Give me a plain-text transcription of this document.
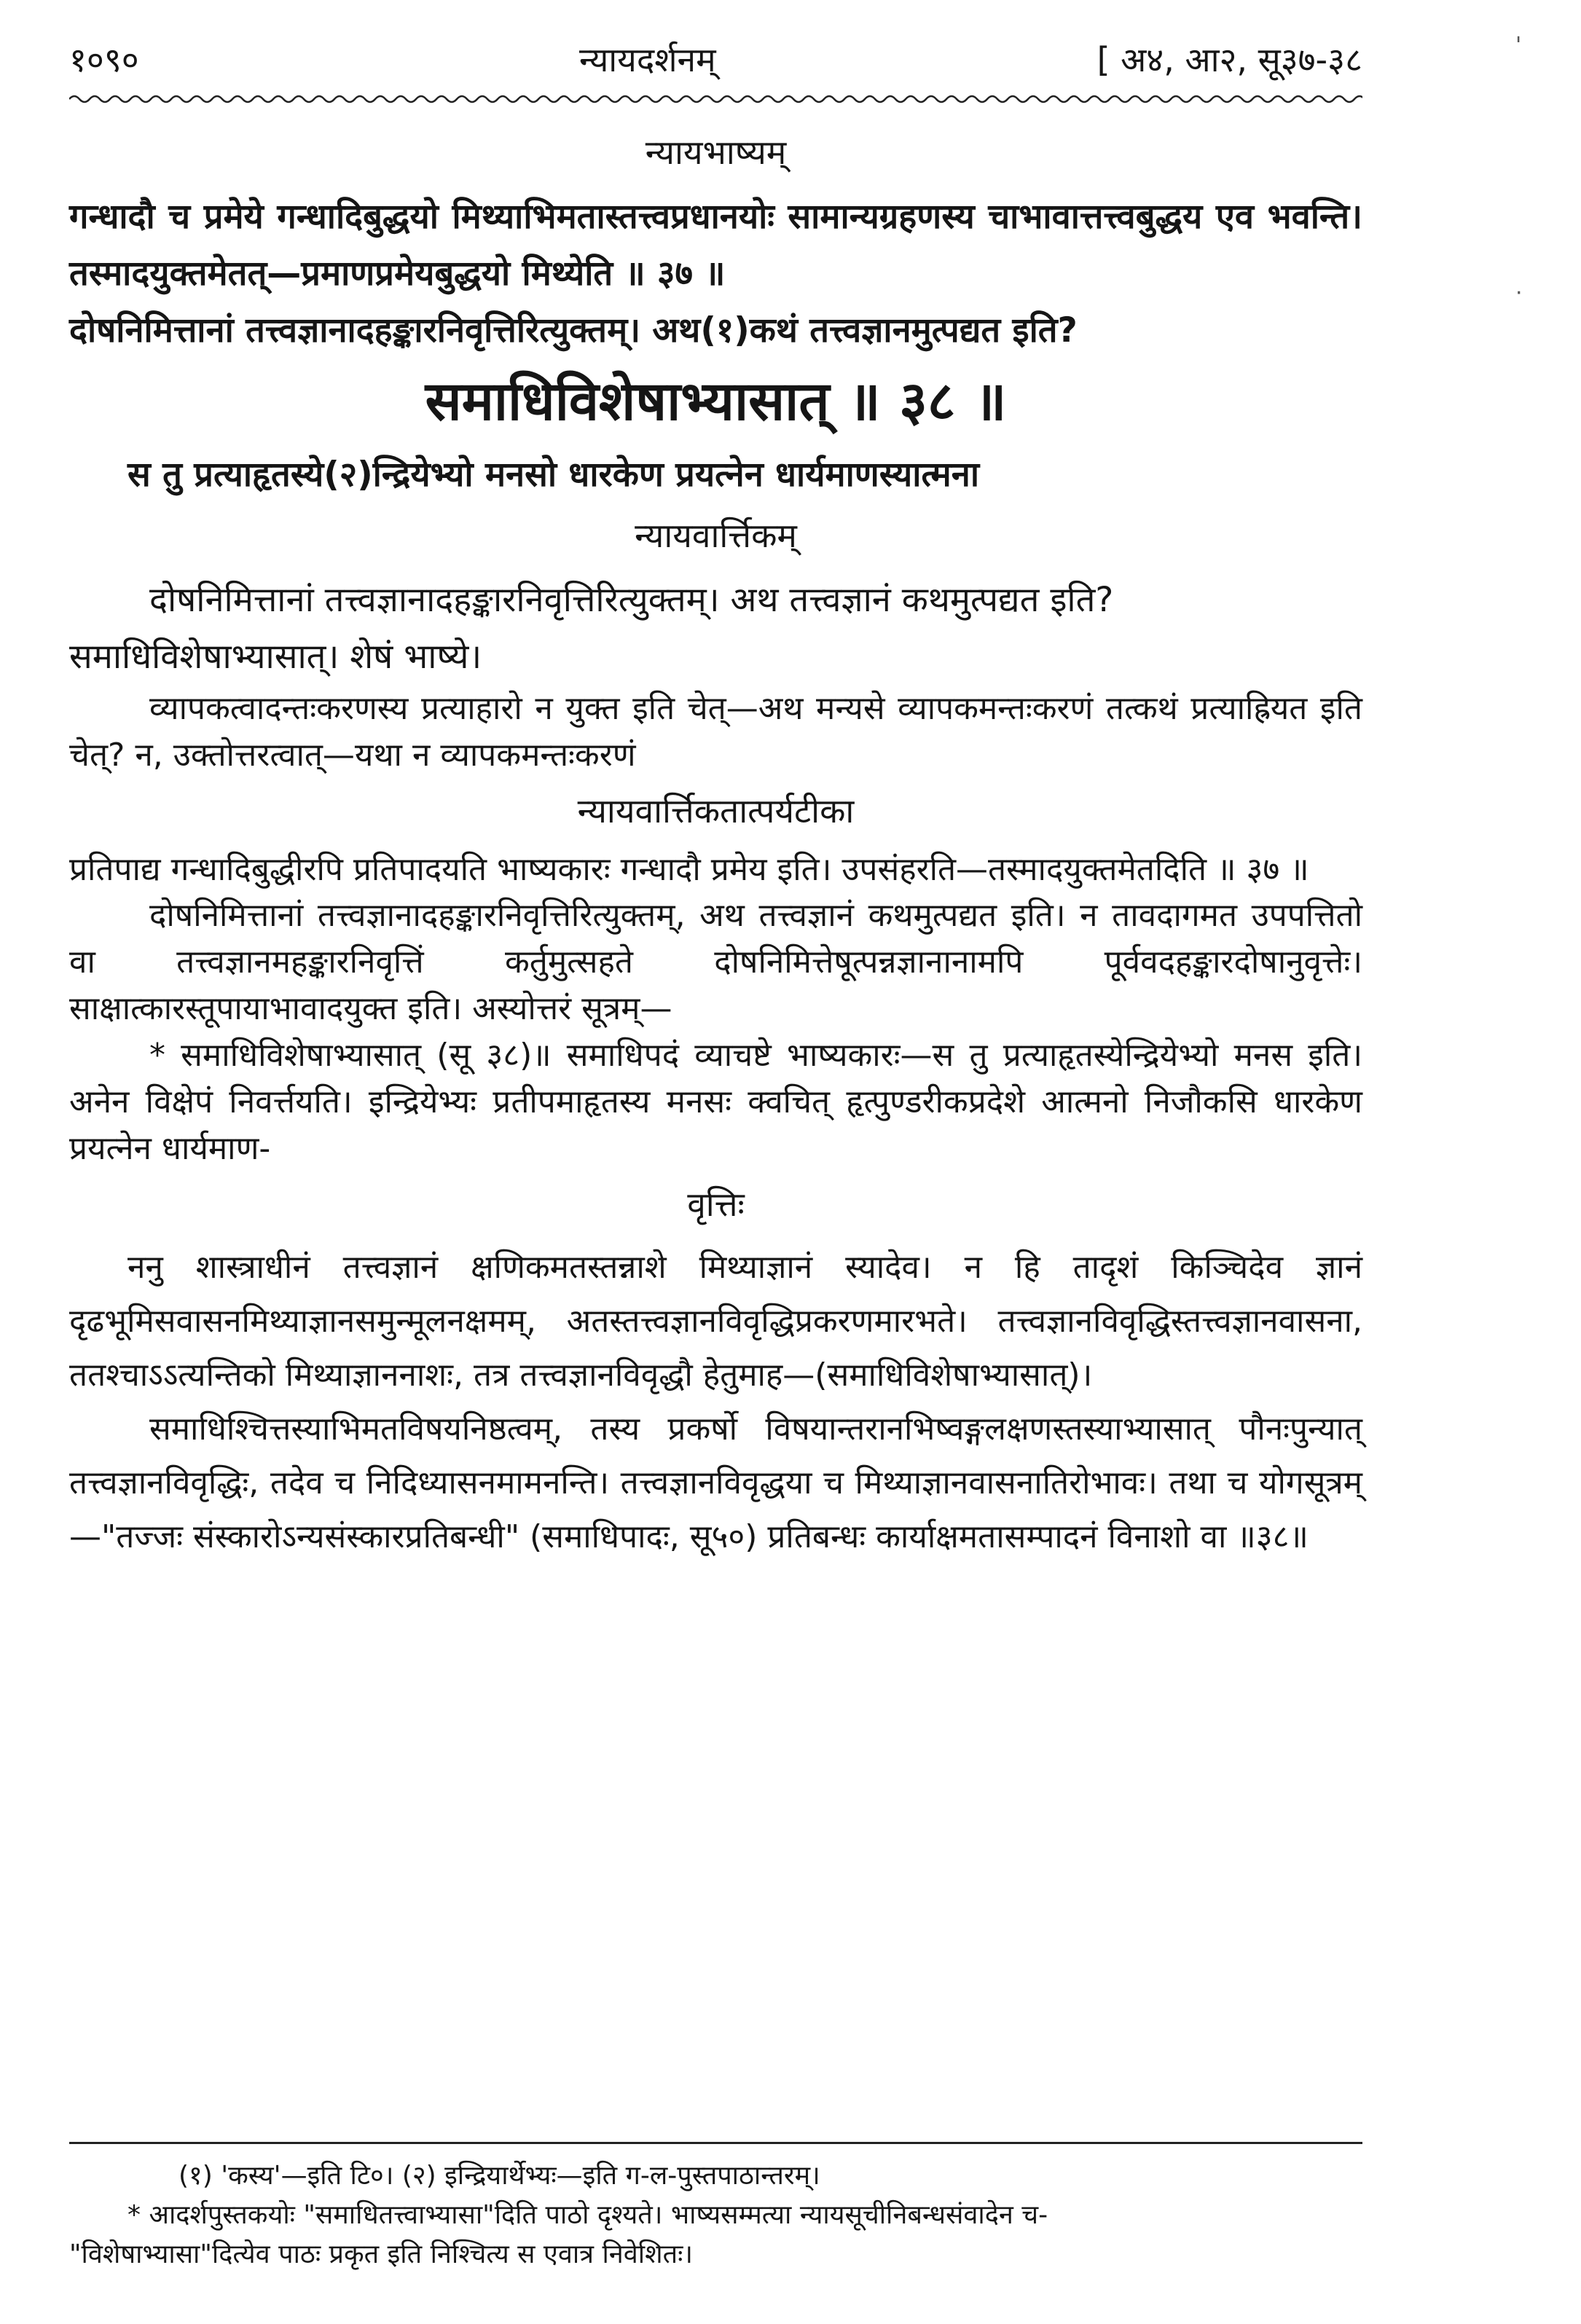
१०९०	न्यायदर्शनम्	[ अ४, आ२, सू३७-३८	'
·
न्यायभाष्यम्

गन्धादौ च प्रमेये गन्धादिबुद्धयो मिथ्याभिमतास्तत्त्वप्रधानयोः सामान्यग्रहणस्य चाभावात्तत्त्वबुद्धय एव भवन्ति। तस्मादयुक्तमेतत्—प्रमाणप्रमेयबुद्धयो मिथ्येति ॥ ३७ ॥

दोषनिमित्तानां तत्त्वज्ञानादहङ्कारनिवृत्तिरित्युक्तम्। अथ(१)कथं तत्त्वज्ञानमुत्पद्यत इति?

समाधिविशेषाभ्यासात् ॥ ३८ ॥

स तु प्रत्याहृतस्ये(२)न्द्रियेभ्यो मनसो धारकेण प्रयत्नेन धार्यमाणस्यात्मना

न्यायवार्त्तिकम्

दोषनिमित्तानां तत्त्वज्ञानादहङ्कारनिवृत्तिरित्युक्तम्। अथ तत्त्वज्ञानं कथमुत्पद्यत इति?

समाधिविशेषाभ्यासात्। शेषं भाष्ये।

व्यापकत्वादन्तःकरणस्य प्रत्याहारो न युक्त इति चेत्—अथ मन्यसे व्यापकमन्तःकरणं तत्कथं प्रत्याह्रियत इति चेत्? न, उक्तोत्तरत्वात्—यथा न व्यापकमन्तःकरणं

न्यायवार्त्तिकतात्पर्यटीका

प्रतिपाद्य गन्धादिबुद्धीरपि प्रतिपादयति भाष्यकारः गन्धादौ प्रमेय इति। उपसंहरति—तस्मादयुक्तमेतदिति ॥ ३७ ॥

दोषनिमित्तानां तत्त्वज्ञानादहङ्कारनिवृत्तिरित्युक्तम्, अथ तत्त्वज्ञानं कथमुत्पद्यत इति। न तावदागमत उपपत्तितो वा तत्त्वज्ञानमहङ्कारनिवृत्तिं कर्तुमुत्सहते दोषनिमित्तेषूत्पन्नज्ञानानामपि पूर्ववदहङ्कारदोषानुवृत्तेः। साक्षात्कारस्तूपायाभावादयुक्त इति। अस्योत्तरं सूत्रम्—

* समाधिविशेषाभ्यासात् (सू ३८)॥ समाधिपदं व्याचष्टे भाष्यकारः—स तु प्रत्याहृतस्येन्द्रियेभ्यो मनस इति। अनेन विक्षेपं निवर्त्तयति। इन्द्रियेभ्यः प्रतीपमाहृतस्य मनसः क्वचित् हृत्पुण्डरीकप्रदेशे आत्मनो निजौकसि धारकेण प्रयत्नेन धार्यमाण-

वृत्तिः

ननु शास्त्राधीनं तत्त्वज्ञानं क्षणिकमतस्तन्नाशे मिथ्याज्ञानं स्यादेव। न हि तादृशं किञ्चिदेव ज्ञानं दृढभूमिसवासनमिथ्याज्ञानसमुन्मूलनक्षमम्, अतस्तत्त्वज्ञानविवृद्धिप्रकरणमारभते। तत्त्वज्ञानविवृद्धिस्तत्त्वज्ञानवासना, ततश्चाऽऽत्यन्तिको मिथ्याज्ञाननाशः, तत्र तत्त्वज्ञानविवृद्धौ हेतुमाह—(समाधिविशेषाभ्यासात्)।

समाधिश्चित्तस्याभिमतविषयनिष्ठत्वम्, तस्य प्रकर्षो विषयान्तरानभिष्वङ्गलक्षणस्तस्याभ्यासात् पौनःपुन्यात् तत्त्वज्ञानविवृद्धिः, तदेव च निदिध्यासनमामनन्ति। तत्त्वज्ञानविवृद्धया च मिथ्याज्ञानवासनातिरोभावः। तथा च योगसूत्रम्—"तज्जः संस्कारोऽन्यसंस्कारप्रतिबन्धी" (समाधिपादः, सू५०) प्रतिबन्धः कार्याक्षमतासम्पादनं विनाशो वा ॥३८॥

(१) 'कस्य'—इति टि०। (२) इन्द्रियार्थेभ्यः—इति ग-ल-पुस्तपाठान्तरम्।

* आदर्शपुस्तकयोः "समाधितत्त्वाभ्यासा"दिति पाठो दृश्यते। भाष्यसम्मत्या न्यायसूचीनिबन्धसंवादेन च-

"विशेषाभ्यासा"दित्येव पाठः प्रकृत इति निश्चित्य स एवात्र निवेशितः।
